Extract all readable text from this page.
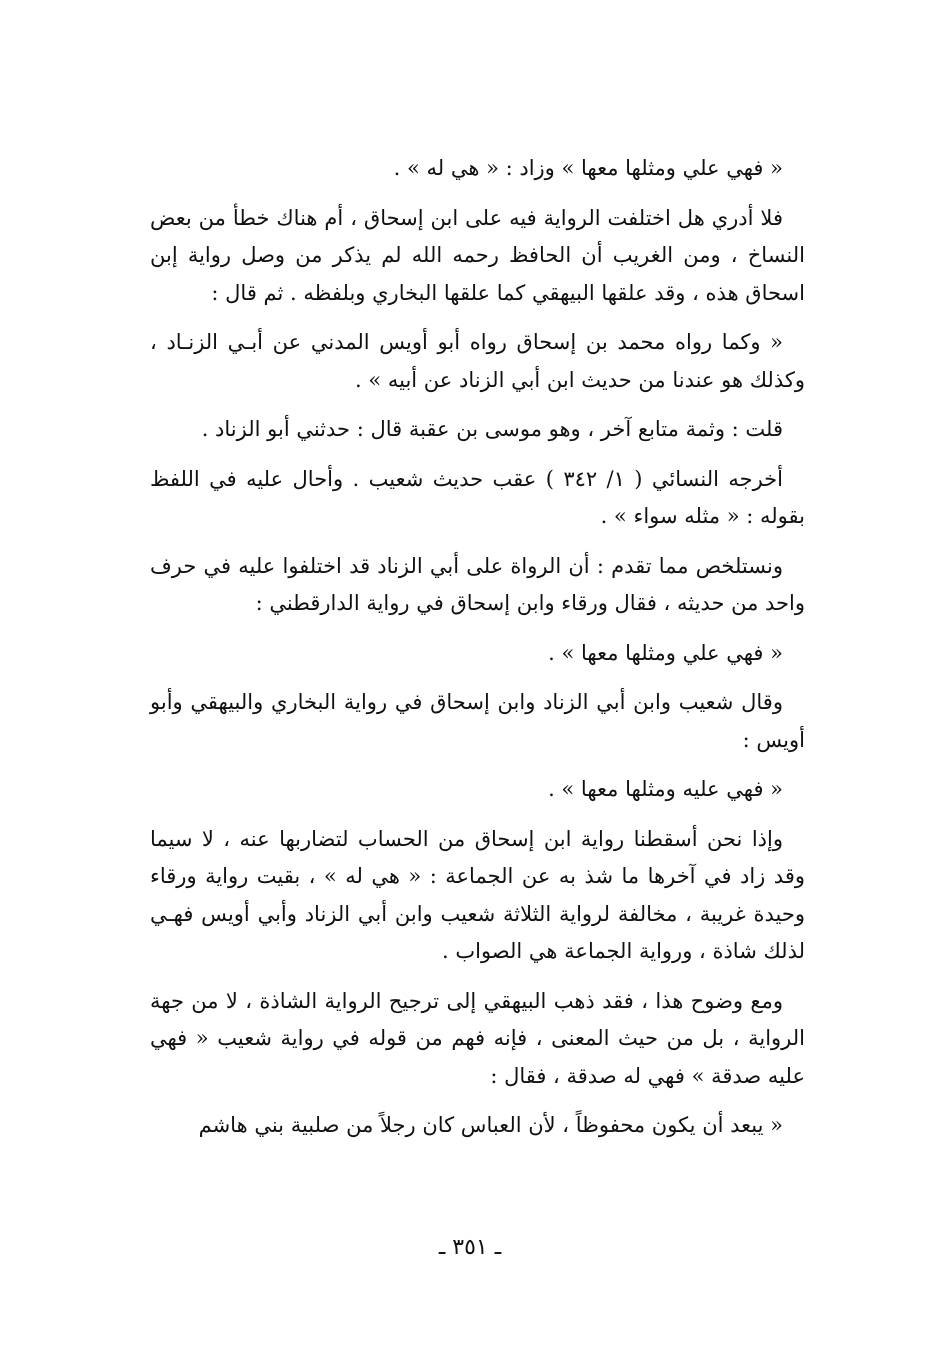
« فهي علي ومثلها معها » وزاد : « هي له » .

فلا أدري هل اختلفت الرواية فيه على ابن إسحاق ، أم هناك خطأ من بعض النساخ ، ومن الغريب أن الحافظ رحمه الله لم يذكر من وصل رواية إبن اسحاق هذه ، وقد علقها البيهقي كما علقها البخاري وبلفظه . ثم قال :

« وكما رواه محمد بن إسحاق رواه أبو أويس المدني عن أبـي الزنـاد ، وكذلك هو عندنا من حديث ابن أبي الزناد عن أبيه » .

قلت : وثمة متابع آخر ، وهو موسى بن عقبة قال : حدثني أبو الزناد .

أخرجه النسائي ( ١/ ٣٤٢ ) عقب حديث شعيب . وأحال عليه في اللفظ بقوله : « مثله سواء » .

ونستلخص مما تقدم : أن الرواة على أبي الزناد قد اختلفوا عليه في حرف واحد من حديثه ، فقال ورقاء وابن إسحاق في رواية الدارقطني :

« فهي علي ومثلها معها » .

وقال شعيب وابن أبي الزناد وابن إسحاق في رواية البخاري والبيهقي وأبو أويس :

« فهي عليه ومثلها معها » .

وإذا نحن أسقطنا رواية ابن إسحاق من الحساب لتضاربها عنه ، لا سيما وقد زاد في آخرها ما شذ به عن الجماعة : « هي له » ، بقيت رواية ورقاء وحيدة غريبة ، مخالفة لرواية الثلاثة شعيب وابن أبي الزناد وأبي أويس فهـي لذلك شاذة ، ورواية الجماعة هي الصواب .

ومع وضوح هذا ، فقد ذهب البيهقي إلى ترجيح الرواية الشاذة ، لا من جهة الرواية ، بل من حيث المعنى ، فإنه فهم من قوله في رواية شعيب « فهي عليه صدقة » فهي له صدقة ، فقال :

« يبعد أن يكون محفوظاً ، لأن العباس كان رجلاً من صلبية بني هاشم

ـ ٣٥١ ـ
